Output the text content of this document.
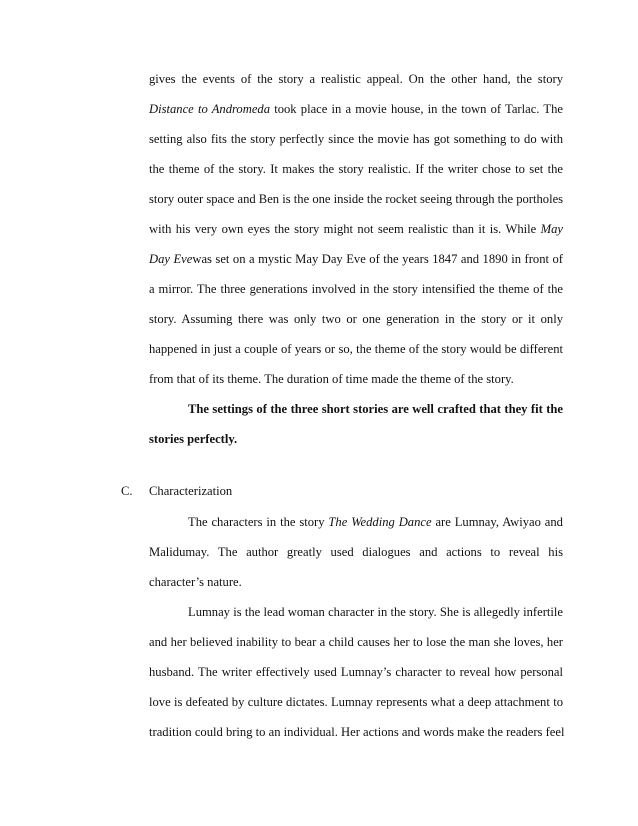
gives the events of the story a realistic appeal. On the other hand, the story
Distance to Andromeda took place in a movie house, in the town of Tarlac. The
setting also fits the story perfectly since the movie has got something to do with
the theme of the story. It makes the story realistic. If the writer chose to set the
story outer space and Ben is the one inside the rocket seeing through the portholes
with his very own eyes the story might not seem realistic than it is. While May
Day Evewas set on a mystic May Day Eve of the years 1847 and 1890 in front of
a mirror. The three generations involved in the story intensified the theme of the
story. Assuming there was only two or one generation in the story or it only
happened in just a couple of years or so, the theme of the story would be different
from that of its theme. The duration of time made the theme of the story.
The settings of the three short stories are well crafted that they fit the
stories perfectly.
C. Characterization
The characters in the story The Wedding Dance are Lumnay, Awiyao and
Malidumay. The author greatly used dialogues and actions to reveal his
character’s nature.
Lumnay is the lead woman character in the story. She is allegedly infertile
and her believed inability to bear a child causes her to lose the man she loves, her
husband. The writer effectively used Lumnay’s character to reveal how personal
love is defeated by culture dictates. Lumnay represents what a deep attachment to
tradition could bring to an individual. Her actions and words make the readers feel
